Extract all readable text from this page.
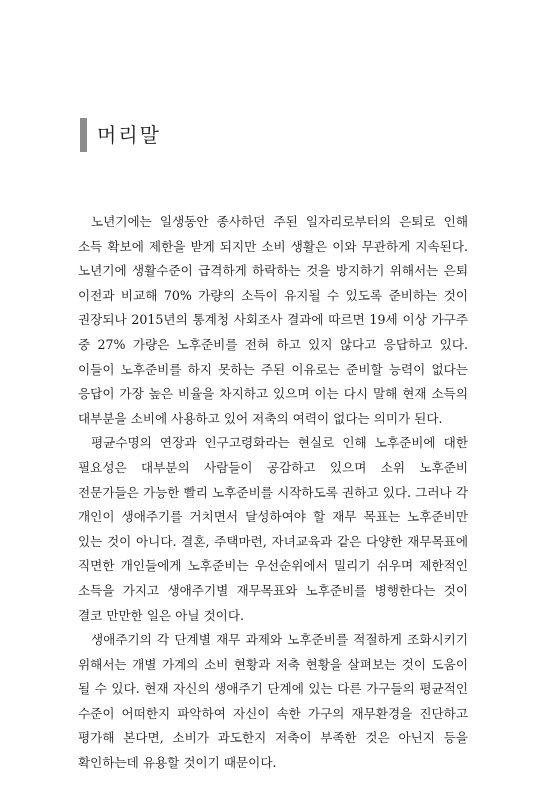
머리말

노년기에는 일생동안 종사하던 주된 일자리로부터의 은퇴로 인해 소득 확보에 제한을 받게 되지만 소비 생활은 이와 무관하게 지속된다. 노년기에 생활수준이 급격하게 하락하는 것을 방지하기 위해서는 은퇴 이전과 비교해 70% 가량의 소득이 유지될 수 있도록 준비하는 것이 권장되나 2015년의 통계청 사회조사 결과에 따르면 19세 이상 가구주 중 27% 가량은 노후준비를 전혀 하고 있지 않다고 응답하고 있다. 이들이 노후준비를 하지 못하는 주된 이유로는 준비할 능력이 없다는 응답이 가장 높은 비율을 차지하고 있으며 이는 다시 말해 현재 소득의 대부분을 소비에 사용하고 있어 저축의 여력이 없다는 의미가 된다.

평균수명의 연장과 인구고령화라는 현실로 인해 노후준비에 대한 필요성은 대부분의 사람들이 공감하고 있으며 소위 노후준비 전문가들은 가능한 빨리 노후준비를 시작하도록 권하고 있다. 그러나 각 개인이 생애주기를 거치면서 달성하여야 할 재무 목표는 노후준비만 있는 것이 아니다. 결혼, 주택마련, 자녀교육과 같은 다양한 재무목표에 직면한 개인들에게 노후준비는 우선순위에서 밀리기 쉬우며 제한적인 소득을 가지고 생애주기별 재무목표와 노후준비를 병행한다는 것이 결코 만만한 일은 아닐 것이다.

생애주기의 각 단계별 재무 과제와 노후준비를 적절하게 조화시키기 위해서는 개별 가계의 소비 현황과 저축 현황을 살펴보는 것이 도움이 될 수 있다. 현재 자신의 생애주기 단계에 있는 다른 가구들의 평균적인 수준이 어떠한지 파악하여 자신이 속한 가구의 재무환경을 진단하고 평가해 본다면, 소비가 과도한지 저축이 부족한 것은 아닌지 등을 확인하는데 유용할 것이기 때문이다.
